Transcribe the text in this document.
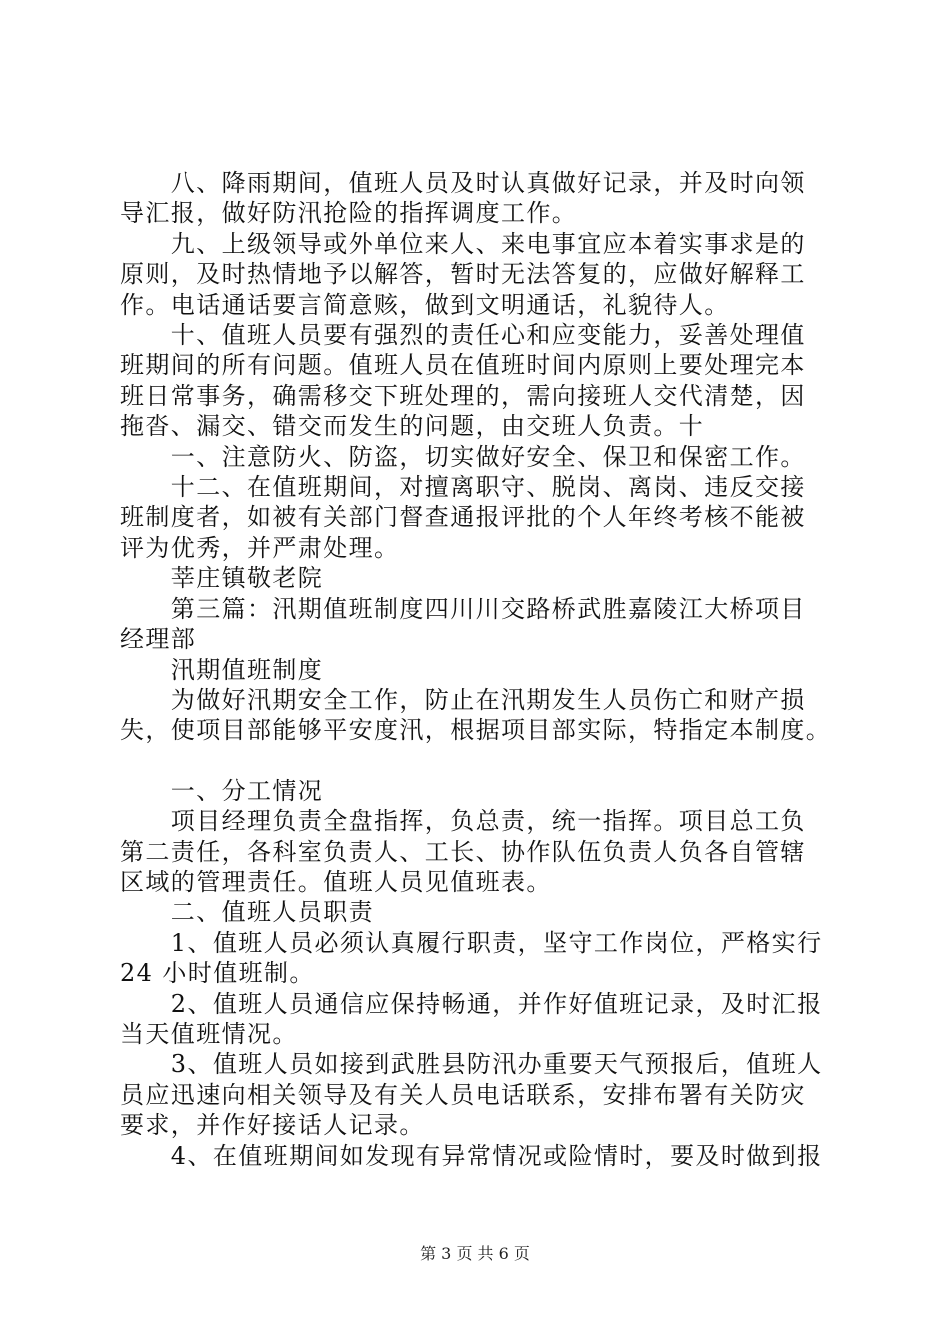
　　八、降雨期间，值班人员及时认真做好记录，并及时向领

导汇报，做好防汛抢险的指挥调度工作。

　　九、上级领导或外单位来人、来电事宜应本着实事求是的

原则，及时热情地予以解答，暂时无法答复的，应做好解释工

作。电话通话要言简意赅，做到文明通话，礼貌待人。

　　十、值班人员要有强烈的责任心和应变能力，妥善处理值

班期间的所有问题。值班人员在值班时间内原则上要处理完本

班日常事务，确需移交下班处理的，需向接班人交代清楚，因

拖沓、漏交、错交而发生的问题，由交班人负责。十

　　一、注意防火、防盗，切实做好安全、保卫和保密工作。

　　十二、在值班期间，对擅离职守、脱岗、离岗、违反交接

班制度者，如被有关部门督查通报评批的个人年终考核不能被

评为优秀，并严肃处理。

　　莘庄镇敬老院

　　第三篇：汛期值班制度四川川交路桥武胜嘉陵江大桥项目

经理部

　　汛期值班制度

　　为做好汛期安全工作，防止在汛期发生人员伤亡和财产损

失，使项目部能够平安度汛，根据项目部实际，特指定本制度。

　　一、分工情况

　　项目经理负责全盘指挥，负总责，统一指挥。项目总工负

第二责任，各科室负责人、工长、协作队伍负责人负各自管辖

区域的管理责任。值班人员见值班表。

　　二、值班人员职责

　　1、值班人员必须认真履行职责，坚守工作岗位，严格实行

24 小时值班制。

　　2、值班人员通信应保持畅通，并作好值班记录，及时汇报

当天值班情况。

　　3、值班人员如接到武胜县防汛办重要天气预报后，值班人

员应迅速向相关领导及有关人员电话联系，安排布署有关防灾

要求，并作好接话人记录。

　　4、在值班期间如发现有异常情况或险情时，要及时做到报

第 3 页 共 6 页
